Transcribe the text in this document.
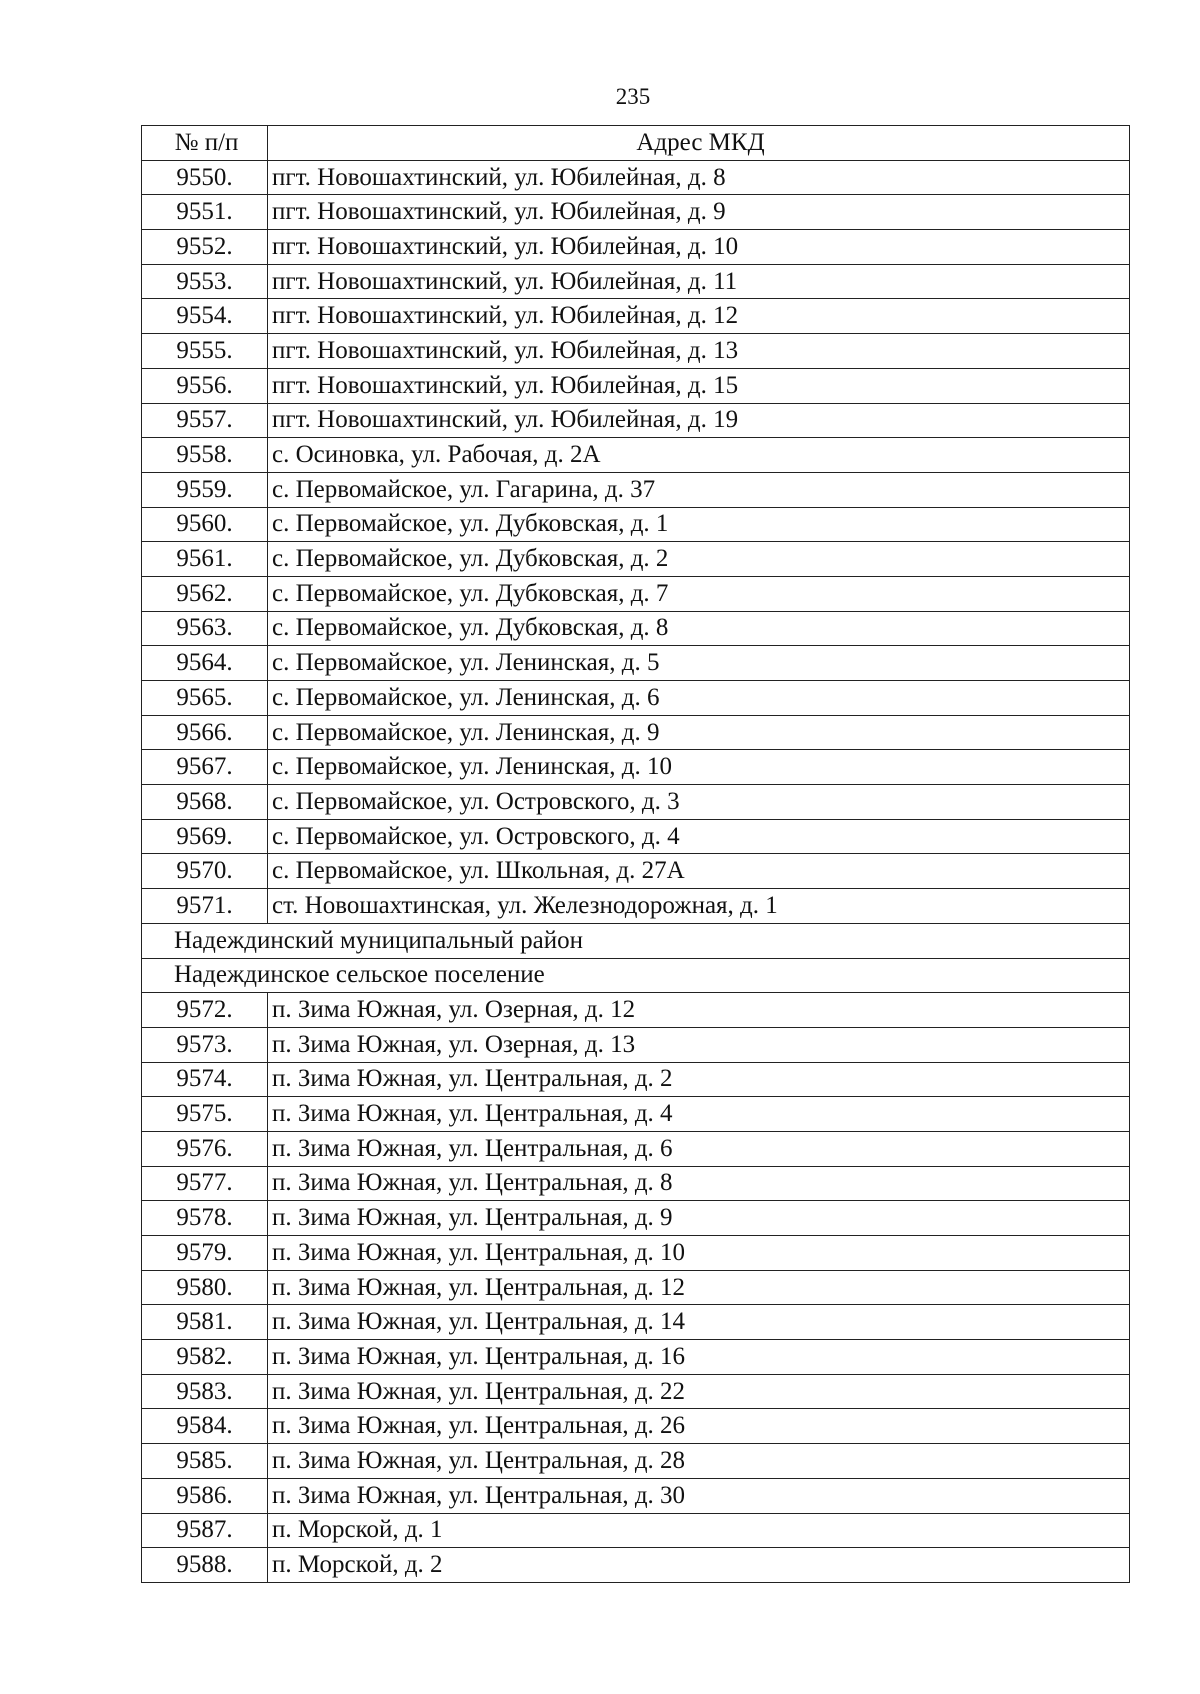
235
№ п/п	Адрес МКД
9550.	пгт. Новошахтинский, ул. Юбилейная, д. 8
9551.	пгт. Новошахтинский, ул. Юбилейная, д. 9
9552.	пгт. Новошахтинский, ул. Юбилейная, д. 10
9553.	пгт. Новошахтинский, ул. Юбилейная, д. 11
9554.	пгт. Новошахтинский, ул. Юбилейная, д. 12
9555.	пгт. Новошахтинский, ул. Юбилейная, д. 13
9556.	пгт. Новошахтинский, ул. Юбилейная, д. 15
9557.	пгт. Новошахтинский, ул. Юбилейная, д. 19
9558.	с. Осиновка, ул. Рабочая, д. 2А
9559.	с. Первомайское, ул. Гагарина, д. 37
9560.	с. Первомайское, ул. Дубковская, д. 1
9561.	с. Первомайское, ул. Дубковская, д. 2
9562.	с. Первомайское, ул. Дубковская, д. 7
9563.	с. Первомайское, ул. Дубковская, д. 8
9564.	с. Первомайское, ул. Ленинская, д. 5
9565.	с. Первомайское, ул. Ленинская, д. 6
9566.	с. Первомайское, ул. Ленинская, д. 9
9567.	с. Первомайское, ул. Ленинская, д. 10
9568.	с. Первомайское, ул. Островского, д. 3
9569.	с. Первомайское, ул. Островского, д. 4
9570.	с. Первомайское, ул. Школьная, д. 27А
9571.	ст. Новошахтинская, ул. Железнодорожная, д. 1
Надеждинский муниципальный район	
Надеждинское сельское поселение	
9572.	п. Зима Южная, ул. Озерная, д. 12
9573.	п. Зима Южная, ул. Озерная, д. 13
9574.	п. Зима Южная, ул. Центральная, д. 2
9575.	п. Зима Южная, ул. Центральная, д. 4
9576.	п. Зима Южная, ул. Центральная, д. 6
9577.	п. Зима Южная, ул. Центральная, д. 8
9578.	п. Зима Южная, ул. Центральная, д. 9
9579.	п. Зима Южная, ул. Центральная, д. 10
9580.	п. Зима Южная, ул. Центральная, д. 12
9581.	п. Зима Южная, ул. Центральная, д. 14
9582.	п. Зима Южная, ул. Центральная, д. 16
9583.	п. Зима Южная, ул. Центральная, д. 22
9584.	п. Зима Южная, ул. Центральная, д. 26
9585.	п. Зима Южная, ул. Центральная, д. 28
9586.	п. Зима Южная, ул. Центральная, д. 30
9587.	п. Морской, д. 1
9588.	п. Морской, д. 2
